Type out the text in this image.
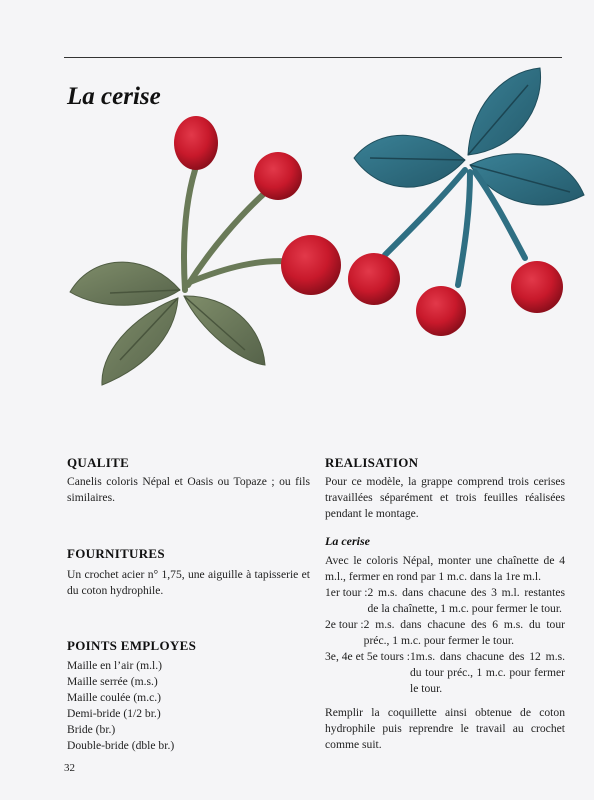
La cerise
QUALITE
Canelis coloris Népal et Oasis ou Topaze ; ou fils similaires.
FOURNITURES
Un crochet acier n° 1,75, une aiguille à tapisserie et du coton hydrophile.
POINTS EMPLOYES
Maille en l’air (m.l.)
Maille serrée (m.s.)
Maille coulée (m.c.)
Demi-bride (1/2 br.)
Bride (br.)
Double-bride (dble br.)
REALISATION
Pour ce modèle, la grappe comprend trois cerises travaillées séparément et trois feuilles réalisées pendant le montage.
La cerise
Avec le coloris Népal, monter une chaînette de 4 m.l., fermer en rond par 1 m.c. dans la 1re m.l.
1er tour : 2 m.s. dans chacune des 3 m.l. restantes de la chaînette, 1 m.c. pour fermer le tour.
2e tour : 2 m.s. dans chacune des 6 m.s. du tour préc., 1 m.c. pour fermer le tour.
3e, 4e et 5e tours : 1m.s. dans chacune des 12 m.s. du tour préc., 1 m.c. pour fermer le tour.
Remplir la coquillette ainsi obtenue de coton hydrophile puis reprendre le travail au crochet comme suit.
32
